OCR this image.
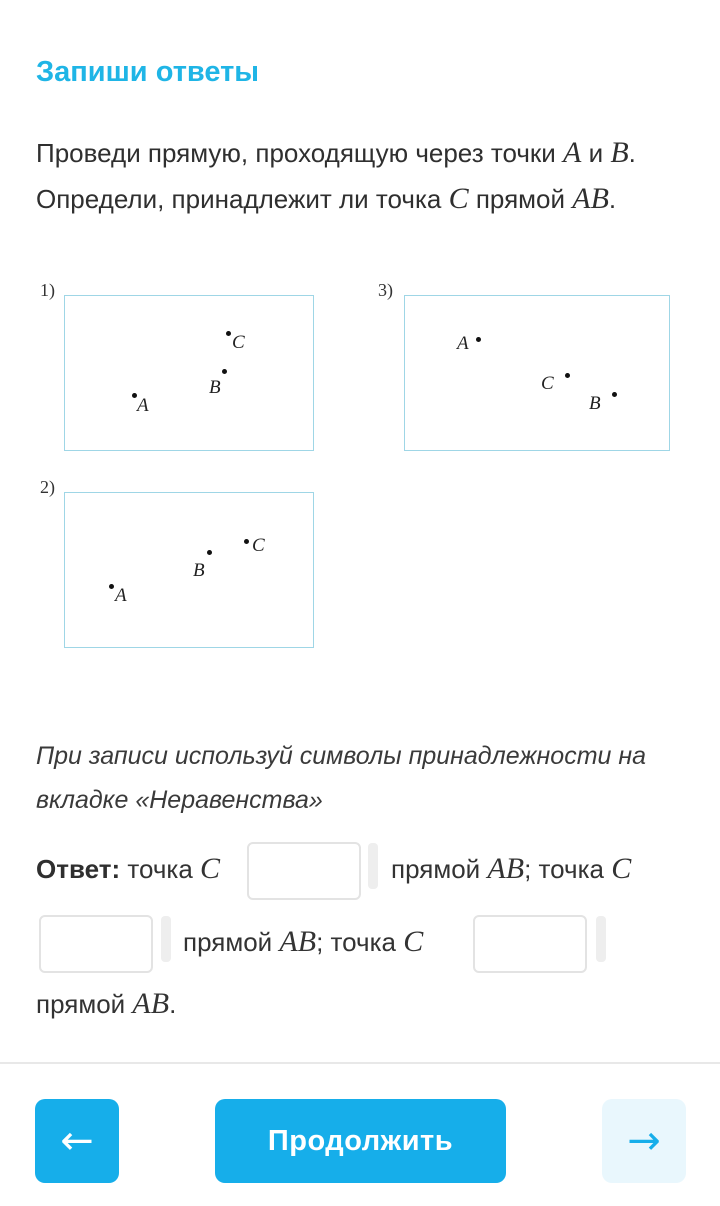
Запиши ответы
Проведи прямую, проходящую через точки A и B. Определи, принадлежит ли точка C прямой AB.
1)
A
B
C
2)
A
B
C
3)
A
C
B
При записи используй символы принадлежности на вкладке «Неравенства»
Ответ: точка C	прямой AB; точка C
прямой AB; точка C
прямой AB.
←	Продолжить	→
